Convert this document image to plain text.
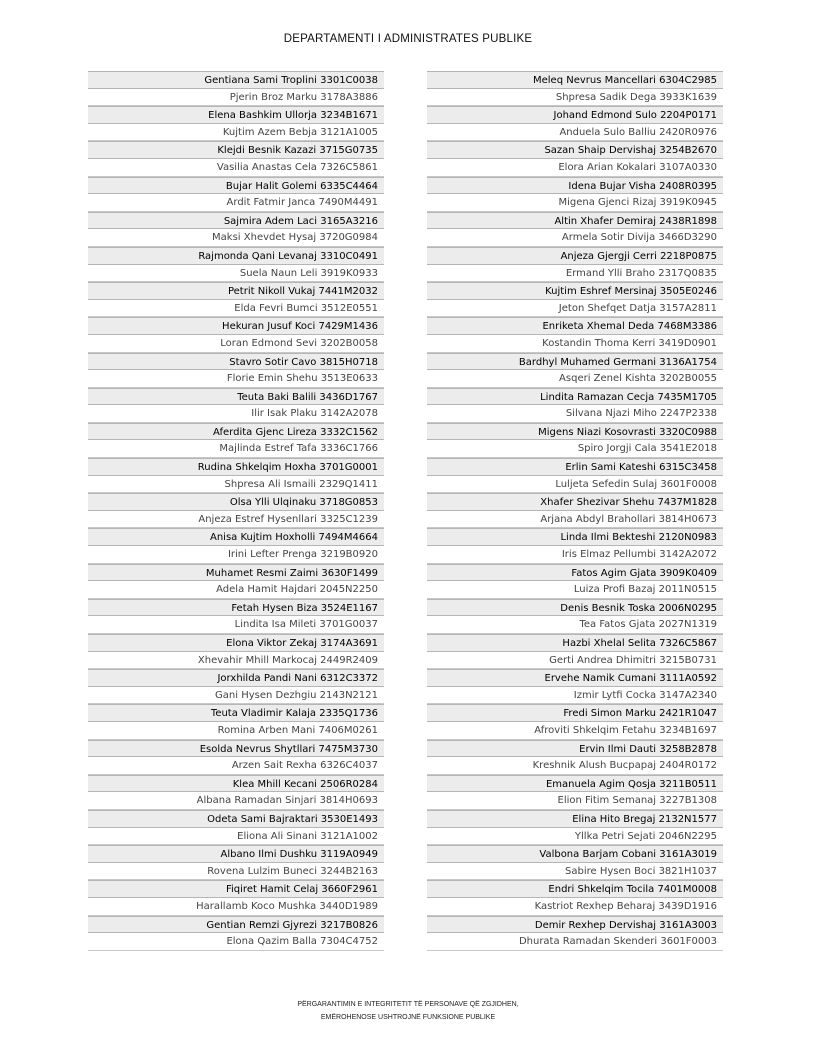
DEPARTAMENTI I ADMINISTRATES PUBLIKE
Gentiana Sami Troplini 3301C0038
Pjerin Broz Marku 3178A3886
Elena Bashkim Ullorja 3234B1671
Kujtim Azem Bebja 3121A1005
Klejdi Besnik Kazazi 3715G0735
Vasilia Anastas Cela 7326C5861
Bujar Halit Golemi 6335C4464
Ardit Fatmir Janca 7490M4491
Sajmira Adem Laci 3165A3216
Maksi Xhevdet Hysaj 3720G0984
Rajmonda Qani Levanaj 3310C0491
Suela Naun Leli 3919K0933
Petrit Nikoll Vukaj 7441M2032
Elda Fevri Bumci 3512E0551
Hekuran Jusuf Koci 7429M1436
Loran Edmond Sevi 3202B0058
Stavro Sotir Cavo 3815H0718
Florie Emin Shehu 3513E0633
Teuta Baki Balili 3436D1767
Ilir Isak Plaku 3142A2078
Aferdita Gjenc Lireza 3332C1562
Majlinda Estref Tafa 3336C1766
Rudina Shkelqim Hoxha 3701G0001
Shpresa Ali Ismaili 2329Q1411
Olsa Ylli Ulqinaku 3718G0853
Anjeza Estref Hysenllari 3325C1239
Anisa Kujtim Hoxholli 7494M4664
Irini Lefter Prenga 3219B0920
Muhamet Resmi Zaimi 3630F1499
Adela Hamit Hajdari 2045N2250
Fetah Hysen Biza 3524E1167
Lindita Isa Mileti 3701G0037
Elona Viktor Zekaj 3174A3691
Xhevahir Mhill Markocaj 2449R2409
Jorxhilda Pandi Nani 6312C3372
Gani Hysen Dezhgiu 2143N2121
Teuta Vladimir Kalaja 2335Q1736
Romina Arben Mani 7406M0261
Esolda Nevrus Shytllari 7475M3730
Arzen Sait Rexha 6326C4037
Klea Mhill Kecani 2506R0284
Albana Ramadan Sinjari 3814H0693
Odeta Sami Bajraktari 3530E1493
Eliona Ali Sinani 3121A1002
Albano Ilmi Dushku 3119A0949
Rovena Lulzim Buneci 3244B2163
Fiqiret Hamit Celaj 3660F2961
Harallamb Koco Mushka 3440D1989
Gentian Remzi Gjyrezi 3217B0826
Elona Qazim Balla 7304C4752
Meleq Nevrus Mancellari 6304C2985
Shpresa Sadik Dega 3933K1639
Johand Edmond Sulo 2204P0171
Anduela Sulo Balliu 2420R0976
Sazan Shaip Dervishaj 3254B2670
Elora Arian Kokalari 3107A0330
Idena Bujar Visha 2408R0395
Migena Gjenci Rizaj 3919K0945
Altin Xhafer Demiraj 2438R1898
Armela Sotir Divija 3466D3290
Anjeza Gjergji Cerri 2218P0875
Ermand Ylli Braho 2317Q0835
Kujtim Eshref Mersinaj 3505E0246
Jeton Shefqet Datja 3157A2811
Enriketa Xhemal Deda 7468M3386
Kostandin Thoma Kerri 3419D0901
Bardhyl Muhamed Germani 3136A1754
Asqeri Zenel Kishta 3202B0055
Lindita Ramazan Cecja 7435M1705
Silvana Njazi Miho 2247P2338
Migens Niazi Kosovrasti 3320C0988
Spiro Jorgji Cala 3541E2018
Erlin Sami Kateshi 6315C3458
Luljeta Sefedin Sulaj 3601F0008
Xhafer Shezivar Shehu 7437M1828
Arjana Abdyl Brahollari 3814H0673
Linda Ilmi Bekteshi 2120N0983
Iris Elmaz Pellumbi 3142A2072
Fatos Agim Gjata 3909K0409
Luiza Profi Bazaj 2011N0515
Denis Besnik Toska 2006N0295
Tea Fatos Gjata 2027N1319
Hazbi Xhelal Selita 7326C5867
Gerti Andrea Dhimitri 3215B0731
Ervehe Namik Cumani 3111A0592
Izmir Lytfi Cocka 3147A2340
Fredi Simon Marku 2421R1047
Afroviti Shkelqim Fetahu 3234B1697
Ervin Ilmi Dauti 3258B2878
Kreshnik Alush Bucpapaj 2404R0172
Emanuela Agim Qosja 3211B0511
Elion Fitim Semanaj 3227B1308
Elina Hito Bregaj 2132N1577
Yllka Petri Sejati 2046N2295
Valbona Barjam Cobani 3161A3019
Sabire Hysen Boci 3821H1037
Endri Shkelqim Tocila 7401M0008
Kastriot Rexhep Beharaj 3439D1916
Demir Rexhep Dervishaj 3161A3003
Dhurata Ramadan Skenderi 3601F0003
PËRGARANTIMIN E INTEGRITETIT TË PERSONAVE QË ZGJIDHEN,
EMËROHENOSE USHTROJNË FUNKSIONE PUBLIKE
